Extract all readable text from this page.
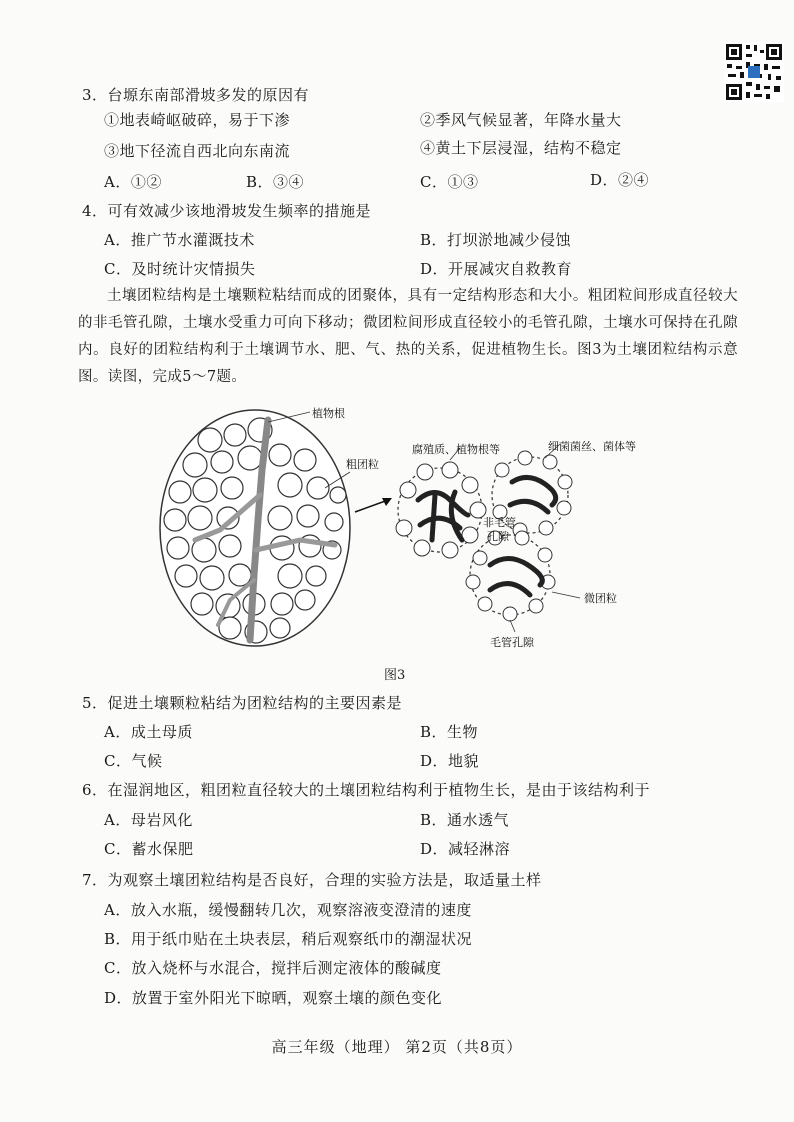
3．台塬东南部滑坡多发的原因有
①地表崎岖破碎，易于下渗	②季风气候显著，年降水量大
③地下径流自西北向东南流	④黄土下层浸湿，结构不稳定
A．①②	B．③④	C．①③	D．②④
4．可有效减少该地滑坡发生频率的措施是
A．推广节水灌溉技术	B．打坝淤地减少侵蚀
C．及时统计灾情损失	D．开展减灾自救教育
土壤团粒结构是土壤颗粒粘结而成的团聚体，具有一定结构形态和大小。粗团粒间形成直径较大的非毛管孔隙，土壤水受重力可向下移动；微团粒间形成直径较小的毛管孔隙，土壤水可保持在孔隙内。良好的团粒结构利于土壤调节水、肥、气、热的关系，促进植物生长。图3为土壤团粒结构示意图。读图，完成5～7题。
植物根
粗团粒
腐殖质、植物根等	细菌菌丝、菌体等
非毛管
孔隙
微团粒
毛管孔隙
图3
5．促进土壤颗粒粘结为团粒结构的主要因素是
A．成土母质	B．生物
C．气候	D．地貌
6．在湿润地区，粗团粒直径较大的土壤团粒结构利于植物生长，是由于该结构利于
A．母岩风化	B．通水透气
C．蓄水保肥	D．减轻淋溶
7．为观察土壤团粒结构是否良好，合理的实验方法是，取适量土样
A．放入水瓶，缓慢翻转几次，观察溶液变澄清的速度
B．用于纸巾贴在土块表层，稍后观察纸巾的潮湿状况
C．放入烧杯与水混合，搅拌后测定液体的酸碱度
D．放置于室外阳光下晾晒，观察土壤的颜色变化
高三年级（地理） 第2页（共8页）
